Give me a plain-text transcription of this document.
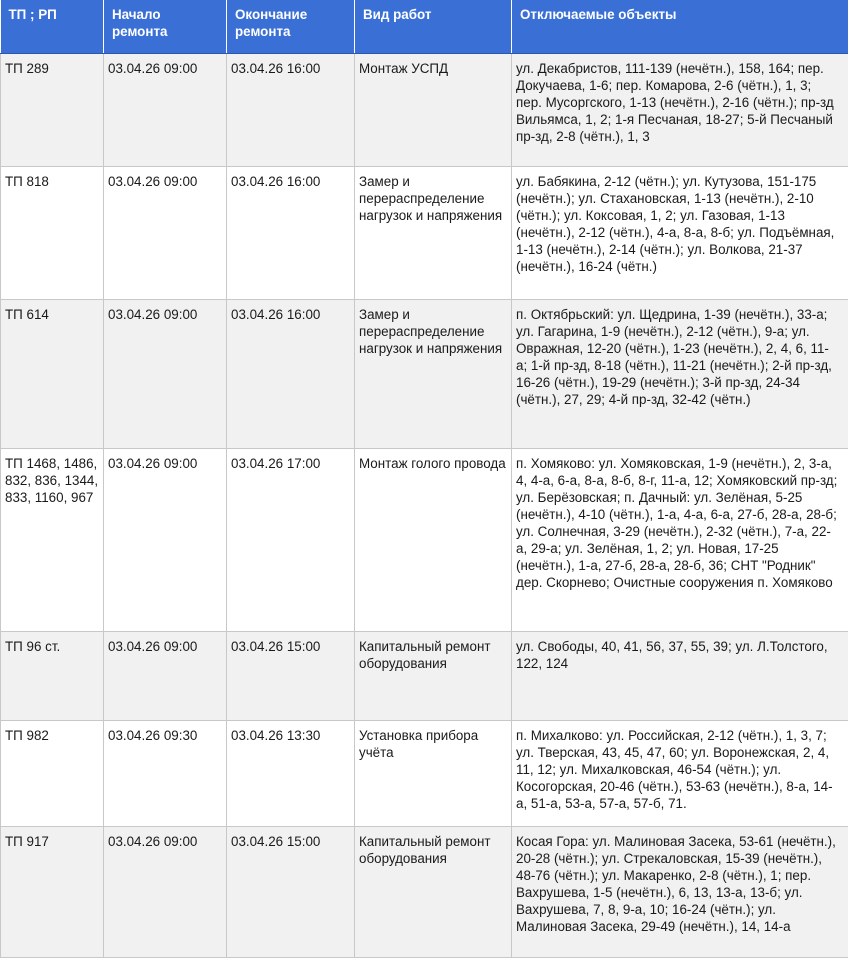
ТП ; РП	Начало ремонта	Окончание ремонта	Вид работ	Отключаемые объекты
ТП 289	03.04.26 09:00	03.04.26 16:00	Монтаж УСПД	ул. Декабристов, 111-139 (нечётн.), 158, 164; пер. Докучаева, 1-6; пер. Комарова, 2-6 (чётн.), 1, 3; пер. Мусоргского, 1-13 (нечётн.), 2-16 (чётн.); пр-зд Вильямса, 1, 2; 1-я Песчаная, 18-27; 5-й Песчаный пр-зд, 2-8 (чётн.), 1, 3
ТП 818	03.04.26 09:00	03.04.26 16:00	Замер и перераспределение нагрузок и напряжения	ул. Бабякина, 2-12 (чётн.); ул. Кутузова, 151-175 (нечётн.); ул. Стахановская, 1-13 (нечётн.), 2-10 (чётн.); ул. Коксовая, 1, 2; ул. Газовая, 1-13 (нечётн.), 2-12 (чётн.), 4-а, 8-а, 8-б; ул. Подъёмная, 1-13 (нечётн.), 2-14 (чётн.); ул. Волкова, 21-37 (нечётн.), 16-24 (чётн.)
ТП 614	03.04.26 09:00	03.04.26 16:00	Замер и перераспределение нагрузок и напряжения	п. Октябрьский: ул. Щедрина, 1-39 (нечётн.), 33-а; ул. Гагарина, 1-9 (нечётн.), 2-12 (чётн.), 9-а; ул. Овражная, 12-20 (чётн.), 1-23 (нечётн.), 2, 4, 6, 11-а; 1-й пр-зд, 8-18 (чётн.), 11-21 (нечётн.); 2-й пр-зд, 16-26 (чётн.), 19-29 (нечётн.); 3-й пр-зд, 24-34 (чётн.), 27, 29; 4-й пр-зд, 32-42 (чётн.)
ТП 1468, 1486, 832, 836, 1344, 833, 1160, 967	03.04.26 09:00	03.04.26 17:00	Монтаж голого провода	п. Хомяково: ул. Хомяковская, 1-9 (нечётн.), 2, 3-а, 4, 4-а, 6-а, 8-а, 8-б, 8-г, 11-а, 12; Хомяковский пр-зд; ул. Берёзовская; п. Дачный: ул. Зелёная, 5-25 (нечётн.), 4-10 (чётн.), 1-а, 4-а, 6-а, 27-б, 28-а, 28-б; ул. Солнечная, 3-29 (нечётн.), 2-32 (чётн.), 7-а, 22-а, 29-а; ул. Зелёная, 1, 2; ул. Новая, 17-25 (нечётн.), 1-а, 27-б, 28-а, 28-б, 36; СНТ "Родник" дер. Скорнево; Очистные сооружения п. Хомяково
ТП 96 ст.	03.04.26 09:00	03.04.26 15:00	Капитальный ремонт оборудования	ул. Свободы, 40, 41, 56, 37, 55, 39; ул. Л.Толстого, 122, 124
ТП 982	03.04.26 09:30	03.04.26 13:30	Установка прибора учёта	п. Михалково: ул. Российская, 2-12 (чётн.), 1, 3, 7; ул. Тверская, 43, 45, 47, 60; ул. Воронежская, 2, 4, 11, 12; ул. Михалковская, 46-54 (чётн.); ул. Косогорская, 20-46 (чётн.), 53-63 (нечётн.), 8-а, 14-а, 51-а, 53-а, 57-а, 57-б, 71.
ТП 917	03.04.26 09:00	03.04.26 15:00	Капитальный ремонт оборудования	Косая Гора: ул. Малиновая Засека, 53-61 (нечётн.), 20-28 (чётн.); ул. Стрекаловская, 15-39 (нечётн.), 48-76 (чётн.); ул. Макаренко, 2-8 (чётн.), 1; пер. Вахрушева, 1-5 (нечётн.), 6, 13, 13-а, 13-б; ул. Вахрушева, 7, 8, 9-а, 10; 16-24 (чётн.); ул. Малиновая Засека, 29-49 (нечётн.), 14, 14-а
